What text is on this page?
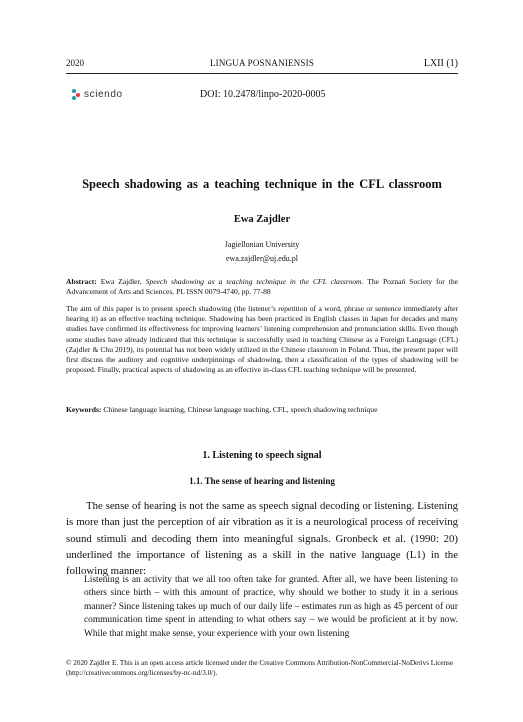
2020	LINGUA POSNANIENSIS	LXII (1)
sciendo	DOI: 10.2478/linpo-2020-0005
Speech shadowing as a teaching technique in the CFL classroom
Ewa Zajdler
Jagiellonian University
ewa.zajdler@uj.edu.pl
Abstract: Ewa Zajdler, Speech shadowing as a teaching technique in the CFL classroom. The Poznań Society for the Advancement of Arts and Sciences, PL ISSN 0079-4740, pp. 77-88
The aim of this paper is to present speech shadowing (the listener’s repetition of a word, phrase or sentence immediately after hearing it) as an effective teaching technique. Shadowing has been practiced in English classes in Japan for decades and many studies have confirmed its effectiveness for improving learners’ listening comprehension and pronunciation skills. Even though some studies have already indicated that this technique is successfully used in teaching Chinese as a Foreign Language (CFL) (Zajdler & Chu 2019), its potential has not been widely utilized in the Chinese classroom in Poland. Thus, the present paper will first discuss the auditory and cognitive underpinnings of shadowing, then a classification of the types of shadowing will be proposed. Finally, practical aspects of shadowing as an effective in-class CFL teaching technique will be presented.
Keywords: Chinese language learning, Chinese language teaching, CFL, speech shadowing technique
1. Listening to speech signal
1.1. The sense of hearing and listening
The sense of hearing is not the same as speech signal decoding or listening. Listening is more than just the perception of air vibration as it is a neurological process of receiving sound stimuli and decoding them into meaningful signals. Gronbeck et al. (1990: 20) underlined the importance of listening as a skill in the native language (L1) in the following manner:
Listening is an activity that we all too often take for granted. After all, we have been listening to others since birth – with this amount of practice, why should we bother to study it in a serious manner? Since listening takes up much of our daily life – estimates run as high as 45 percent of our communication time spent in attending to what others say – we would be proficient at it by now. While that might make sense, your experience with your own listening
© 2020 Zajdler E. This is an open access article licensed under the Creative Commons Attribution-NonCommercial-NoDerivs License (http://creativecommons.org/licenses/by-nc-nd/3.0/).
